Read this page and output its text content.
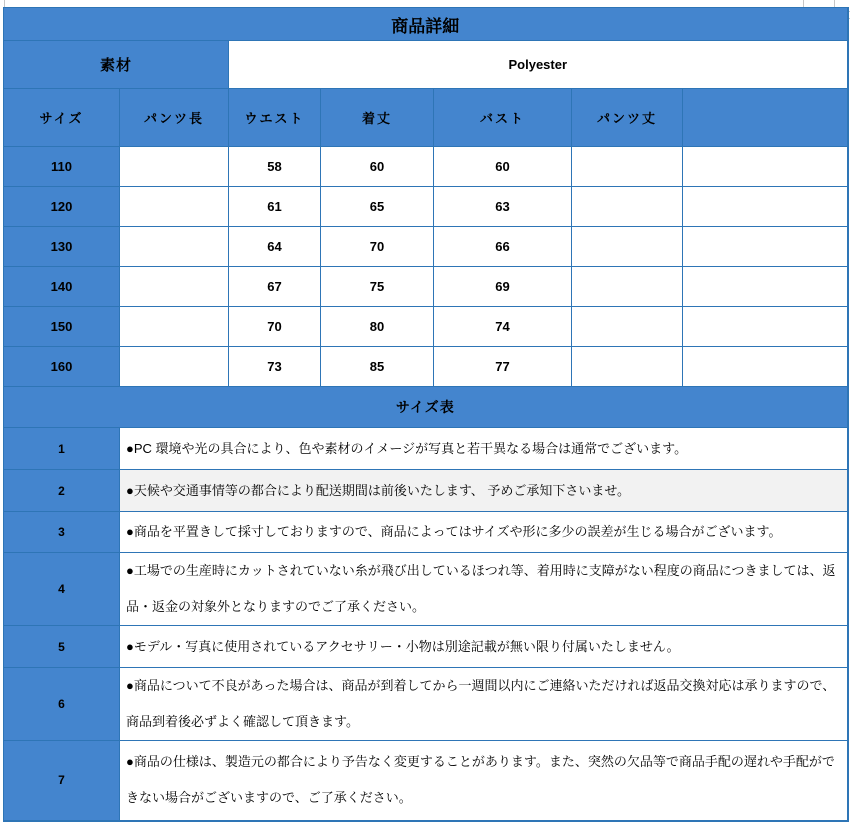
商品詳細						
素材		Polyester				
サイズ	パンツ長	ウエスト	着丈	バスト	パンツ丈	
110		58	60	60		
120		61	65	63		
130		64	70	66		
140		67	75	69		
150		70	80	74		
160		73	85	77		
サイズ表						
1	●PC 環境や光の具合により、色や素材のイメージが写真と若干異なる場合は通常でございます。					
2	●天候や交通事情等の都合により配送期間は前後いたします、 予めご承知下さいませ。					
3	●商品を平置きして採寸しておりますので、商品によってはサイズや形に多少の誤差が生じる場合がございます。					
4	●工場での生産時にカットされていない糸が飛び出しているほつれ等、着用時に支障がない程度の商品につきましては、返品・返金の対象外となりますのでご了承ください。					
5	●モデル・写真に使用されているアクセサリー・小物は別途記載が無い限り付属いたしません。					
6	●商品について不良があった場合は、商品が到着してから一週間以内にご連絡いただければ返品交換対応は承りますので、商品到着後必ずよく確認して頂きます。					
7	●商品の仕様は、製造元の都合により予告なく変更することがあります。また、突然の欠品等で商品手配の遅れや手配ができない場合がございますので、ご了承ください。					
